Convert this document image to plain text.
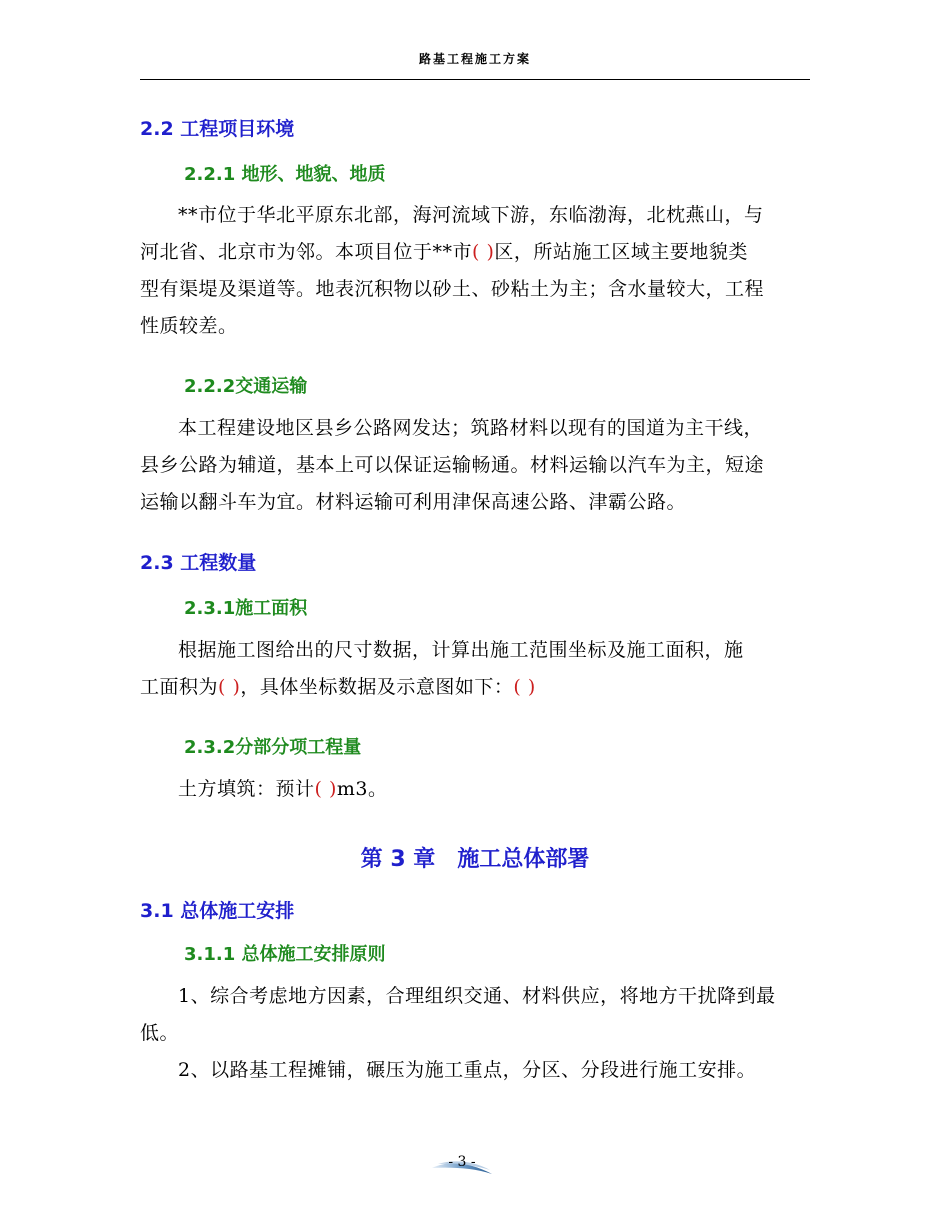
路基工程施工方案
2.2 工程项目环境
2.2.1 地形、地貌、地质
**市位于华北平原东北部，海河流域下游，东临渤海，北枕燕山，与
河北省、北京市为邻。本项目位于**市( )区，所站施工区域主要地貌类
型有渠堤及渠道等。地表沉积物以砂土、砂粘土为主；含水量较大，工程
性质较差。
2.2.2交通运输
本工程建设地区县乡公路网发达；筑路材料以现有的国道为主干线，
县乡公路为辅道，基本上可以保证运输畅通。材料运输以汽车为主，短途
运输以翻斗车为宜。材料运输可利用津保高速公路、津霸公路。
2.3 工程数量
2.3.1施工面积
根据施工图给出的尺寸数据，计算出施工范围坐标及施工面积，施
工面积为( )，具体坐标数据及示意图如下：( )
2.3.2分部分项工程量
土方填筑：预计( )m3。
第 3 章 施工总体部署
3.1 总体施工安排
3.1.1 总体施工安排原则
1、综合考虑地方因素，合理组织交通、材料供应，将地方干扰降到最
低。
2、以路基工程摊铺，碾压为施工重点，分区、分段进行施工安排。
- 3 -
